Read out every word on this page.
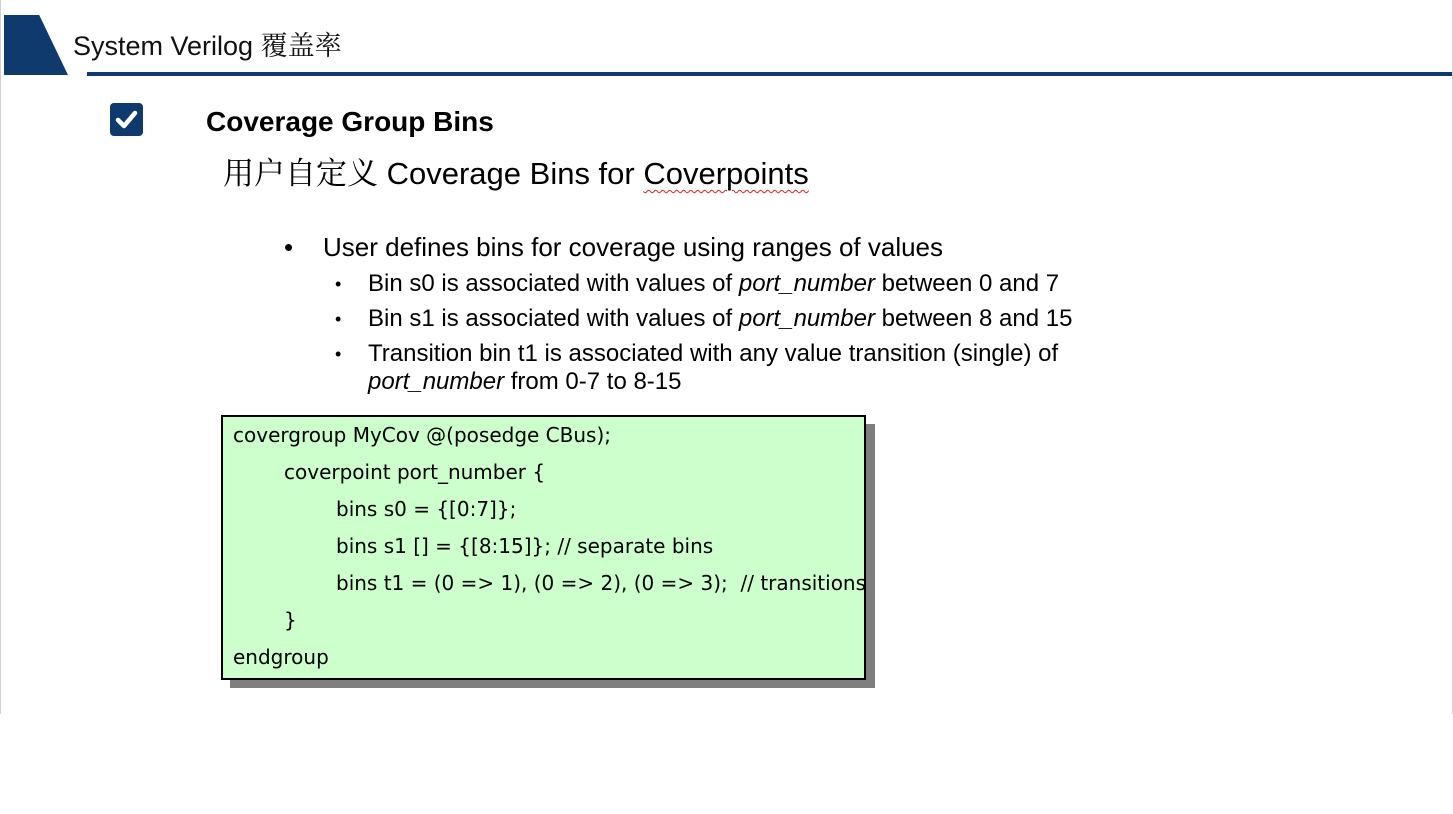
System Verilog 覆盖率
Coverage Group Bins
用户自定义 Coverage Bins for Coverpoints
• User defines bins for coverage using ranges of values
• Bin s0 is associated with values of port_number between 0 and 7
• Bin s1 is associated with values of port_number between 8 and 15
• Transition bin t1 is associated with any value transition (single) of
port_number from 0-7 to 8-15
covergroup MyCov @(posedge CBus);
coverpoint port_number {
bins s0 = {[0:7]};
bins s1 [] = {[8:15]}; // separate bins
bins t1 = (0 => 1), (0 => 2), (0 => 3);  // transitions
}
endgroup
